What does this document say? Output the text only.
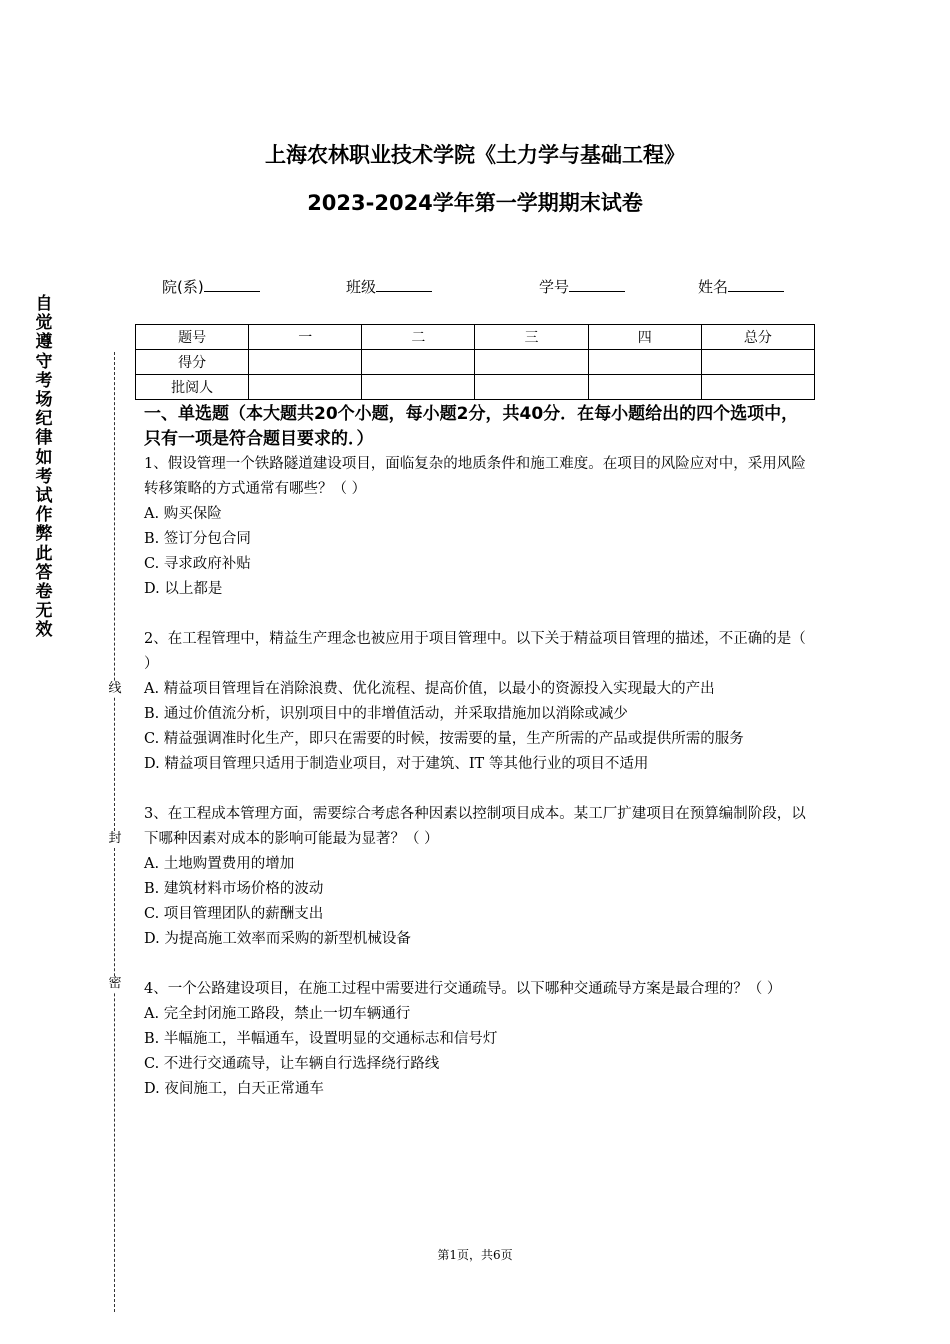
上海农林职业技术学院《土力学与基础工程》
2023-2024学年第一学期期末试卷
院(系)	班级	学号	姓名
题号	一	二	三	四	总分
得分					
批阅人					
自
觉
遵
守
考
场
纪
律
如
考
试
作
弊
此
答
卷
无
效
线
封
密

一、单选题（本大题共20个小题，每小题2分，共40分．在每小题给出的四个选项中，只有一项是符合题目要求的．）

1、假设管理一个铁路隧道建设项目，面临复杂的地质条件和施工难度。在项目的风险应对中，采用风险转移策略的方式通常有哪些？（ ）

A. 购买保险

B. 签订分包合同

C. 寻求政府补贴

D. 以上都是

2、在工程管理中，精益生产理念也被应用于项目管理中。以下关于精益项目管理的描述，不正确的是（ ）

A. 精益项目管理旨在消除浪费、优化流程、提高价值，以最小的资源投入实现最大的产出

B. 通过价值流分析，识别项目中的非增值活动，并采取措施加以消除或减少

C. 精益强调准时化生产，即只在需要的时候，按需要的量，生产所需的产品或提供所需的服务

D. 精益项目管理只适用于制造业项目，对于建筑、IT 等其他行业的项目不适用

3、在工程成本管理方面，需要综合考虑各种因素以控制项目成本。某工厂扩建项目在预算编制阶段，以下哪种因素对成本的影响可能最为显著？（ ）

A. 土地购置费用的增加

B. 建筑材料市场价格的波动

C. 项目管理团队的薪酬支出

D. 为提高施工效率而采购的新型机械设备

4、一个公路建设项目，在施工过程中需要进行交通疏导。以下哪种交通疏导方案是最合理的？（ ）

A. 完全封闭施工路段，禁止一切车辆通行

B. 半幅施工，半幅通车，设置明显的交通标志和信号灯

C. 不进行交通疏导，让车辆自行选择绕行路线

D. 夜间施工，白天正常通车

第1页，共6页
